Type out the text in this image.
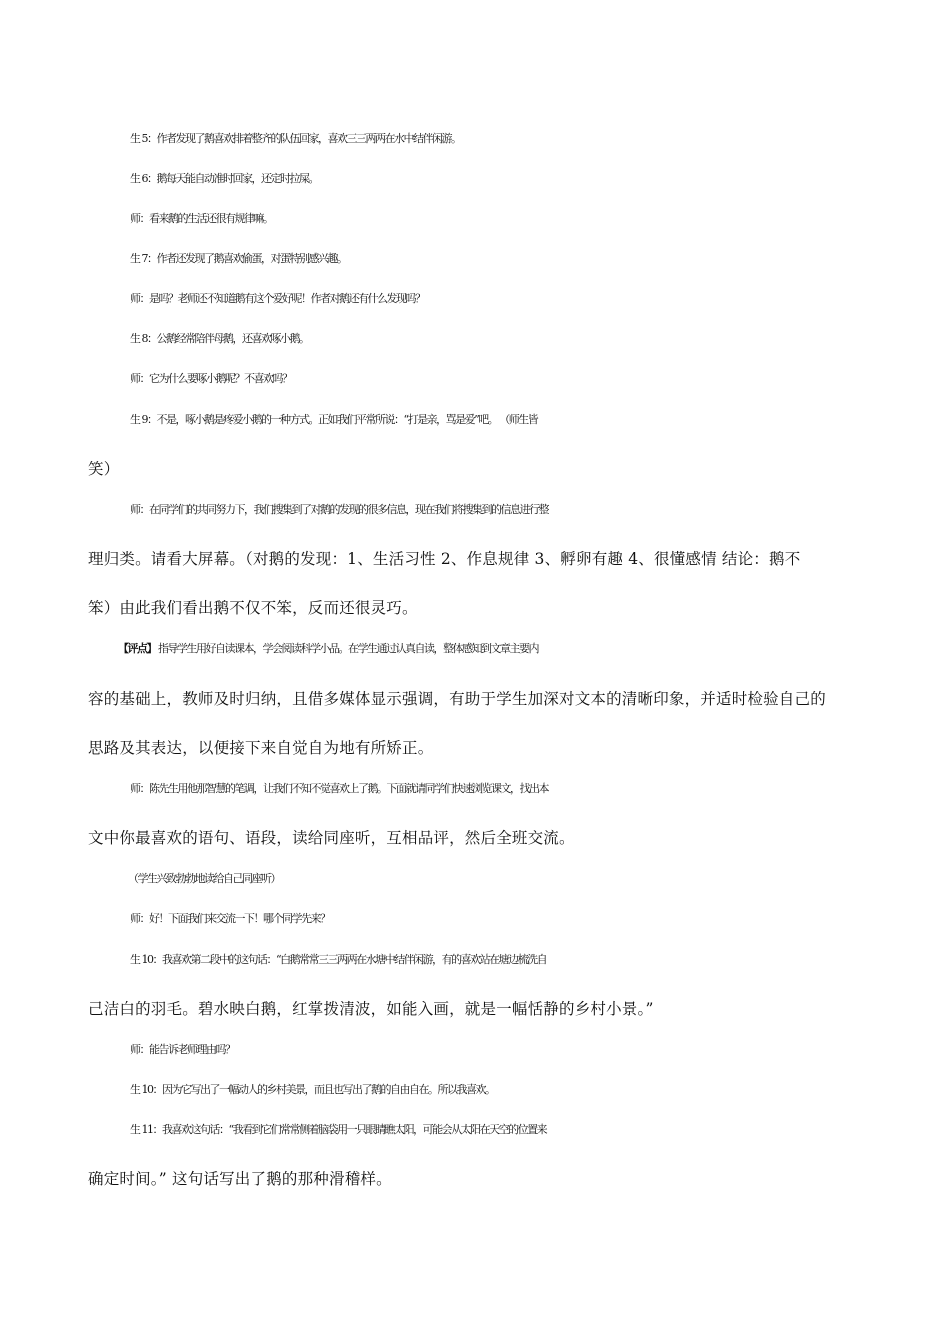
生 5：作者发现了鹅喜欢排着整齐的队伍回家，喜欢三三两两在水中结伴闲游。
生 6：鹅每天能自动准时回家，还定时拉屎。
师：看来鹅的生活还很有规律嘛。
生 7：作者还发现了鹅喜欢偷蛋，对蛋特别感兴趣。
师：是吗？老师还不知道鹅有这个爱好呢！作者对鹅还有什么发现吗？
生 8：公鹅经常陪伴母鹅，还喜欢啄小鹅。
师：它为什么要啄小鹅呢？不喜欢吗？
生 9：不是，啄小鹅是疼爱小鹅的一种方式。正如我们平常所说：“打是亲，骂是爱”吧。 （师生皆
笑）
师：在同学们的共同努力下，我们搜集到了对鹅的发现的很多信息，现在我们将搜集到的信息进行整
理归类。请看大屏幕。（对鹅的发现：1、生活习性 2、作息规律 3、孵卵有趣 4、很懂感情 结论：鹅不
笨）由此我们看出鹅不仅不笨，反而还很灵巧。
【评点】 指导学生用好自读课本，学会阅读科学小品。在学生通过认真自读，整体感知到文章主要内
容的基础上，教师及时归纳，且借多媒体显示强调，有助于学生加深对文本的清晰印象，并适时检验自己的
思路及其表达，以便接下来自觉自为地有所矫正。
师：陈先生用他那智慧的笔调，让我们不知不觉喜欢上了鹅。下面就请同学们快速浏览课文，找出本
文中你最喜欢的语句、语段，读给同座听，互相品评，然后全班交流。
（学生兴致勃勃地读给自己同座听）
师：好！下面我们来交流一下！哪个同学先来？
生 10：我喜欢第二段中的这句话：“白鹅常常三三两两在水塘中结伴闲游，有的喜欢站在塘边梳洗自
己洁白的羽毛。碧水映白鹅，红掌拨清波，如能入画，就是一幅恬静的乡村小景。”
师：能告诉老师理由吗？
生 10：因为它写出了一幅动人的乡村美景，而且也写出了鹅的自由自在。所以我喜欢。
生 11：我喜欢这句话：“我看到它们常常侧着脑袋用一只眼睛瞧太阳，可能会从太阳在天空的位置来
确定时间。” 这句话写出了鹅的那种滑稽样。
